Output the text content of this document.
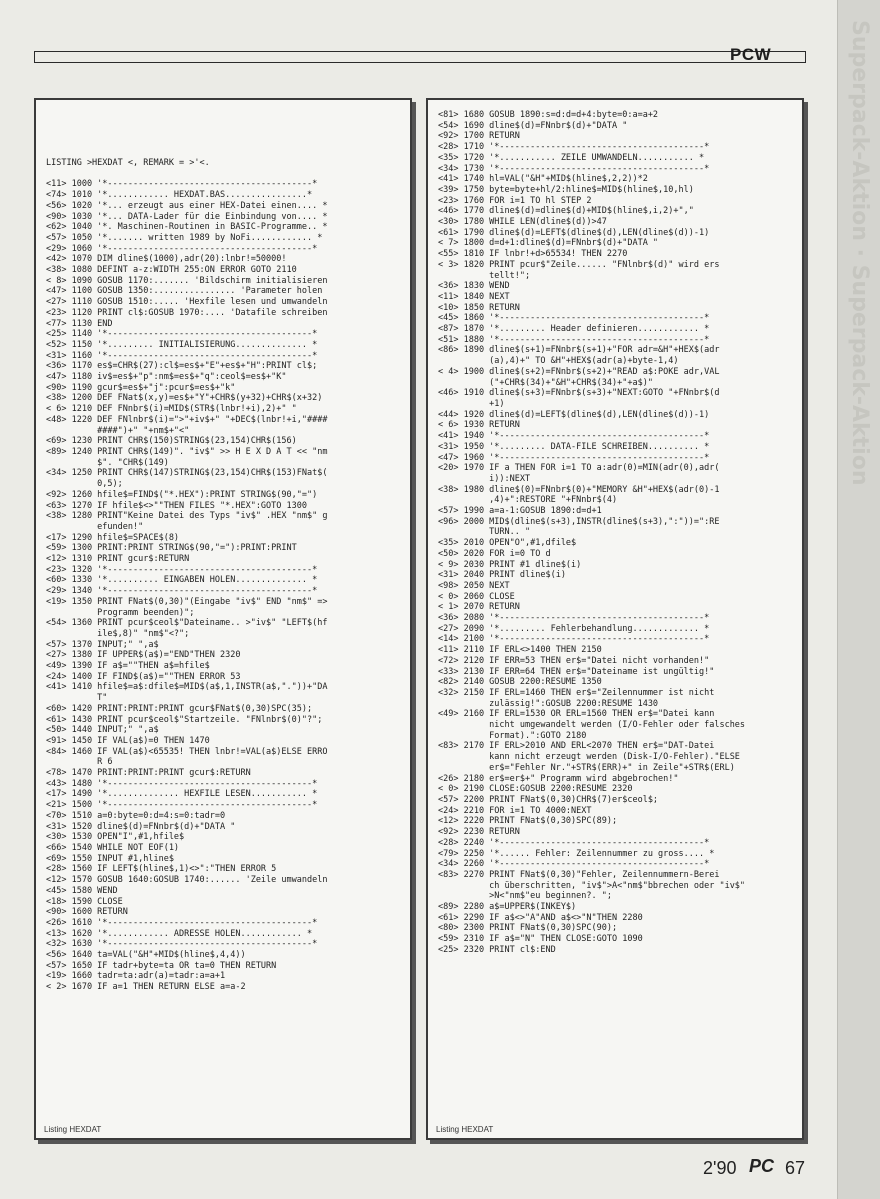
Superpack-Aktion · Superpack-Aktion
PCW
LISTING >HEXDAT <, REMARK = >'<.

<11> 1000 '*----------------------------------------*
<74> 1010 '*............ HEXDAT.BAS................*
<56> 1020 '*... erzeugt aus einer HEX-Datei einen.... *
<90> 1030 '*... DATA-Lader für die Einbindung von.... *
<62> 1040 '*. Maschinen-Routinen in BASIC-Programme.. *
<57> 1050 '*....... written 1989 by NoFi............ *
<29> 1060 '*----------------------------------------*
<42> 1070 DIM dline$(1000),adr(20):lnbr!=50000!
<38> 1080 DEFINT a-z:WIDTH 255:ON ERROR GOTO 2110
< 8> 1090 GOSUB 1170:....... 'Bildschirm initialisieren
<47> 1100 GOSUB 1350:................ 'Parameter holen
<27> 1110 GOSUB 1510:..... 'Hexfile lesen und umwandeln
<23> 1120 PRINT cl$:GOSUB 1970:.... 'Datafile schreiben
<77> 1130 END
<25> 1140 '*----------------------------------------*
<52> 1150 '*......... INITIALISIERUNG.............. *
<31> 1160 '*----------------------------------------*
<36> 1170 es$=CHR$(27):cl$=es$+"E"+es$+"H":PRINT cl$;
<47> 1180 iv$=es$+"p":nm$=es$+"q":ceol$=es$+"K"
<90> 1190 gcur$=es$+"j":pcur$=es$+"k"
<38> 1200 DEF FNat$(x,y)=es$+"Y"+CHR$(y+32)+CHR$(x+32)
< 6> 1210 DEF FNnbr$(i)=MID$(STR$(lnbr!+i),2)+" "
<48> 1220 DEF FNlnbr$(i)=">"+iv$+" "+DEC$(lnbr!+i,"####
####")+" "+nm$+"<"
<69> 1230 PRINT CHR$(150)STRING$(23,154)CHR$(156)
<89> 1240 PRINT CHR$(149)". "iv$" >> H E X D A T << "nm
$". "CHR$(149)
<34> 1250 PRINT CHR$(147)STRING$(23,154)CHR$(153)FNat$(
0,5);
<92> 1260 hfile$=FIND$("*.HEX"):PRINT STRING$(90,"=")
<63> 1270 IF hfile$<>""THEN FILES "*.HEX":GOTO 1300
<38> 1280 PRINT"Keine Datei des Typs "iv$" .HEX "nm$" g
efunden!"
<17> 1290 hfile$=SPACE$(8)
<59> 1300 PRINT:PRINT STRING$(90,"="):PRINT:PRINT
<12> 1310 PRINT gcur$:RETURN
<23> 1320 '*----------------------------------------*
<60> 1330 '*.......... EINGABEN HOLEN.............. *
<29> 1340 '*----------------------------------------*
<19> 1350 PRINT FNat$(0,30)"(Eingabe "iv$" END "nm$" =>
Programm beenden)";
<54> 1360 PRINT pcur$ceol$"Dateiname.. >"iv$" "LEFT$(hf
ile$,8)" "nm$"<?";
<57> 1370 INPUT;" ",a$
<27> 1380 IF UPPER$(a$)="END"THEN 2320
<49> 1390 IF a$=""THEN a$=hfile$
<24> 1400 IF FIND$(a$)=""THEN ERROR 53
<41> 1410 hfile$=a$:dfile$=MID$(a$,1,INSTR(a$,"."))+"DA
T"
<60> 1420 PRINT:PRINT:PRINT gcur$FNat$(0,30)SPC(35);
<61> 1430 PRINT pcur$ceol$"Startzeile. "FNlnbr$(0)"?";
<50> 1440 INPUT;" ",a$
<91> 1450 IF VAL(a$)=0 THEN 1470
<84> 1460 IF VAL(a$)<65535! THEN lnbr!=VAL(a$)ELSE ERRO
R 6
<78> 1470 PRINT:PRINT:PRINT gcur$:RETURN
<43> 1480 '*----------------------------------------*
<17> 1490 '*.............. HEXFILE LESEN........... *
<21> 1500 '*----------------------------------------*
<70> 1510 a=0:byte=0:d=4:s=0:tadr=0
<31> 1520 dline$(d)=FNnbr$(d)+"DATA "
<30> 1530 OPEN"I",#1,hfile$
<66> 1540 WHILE NOT EOF(1)
<69> 1550 INPUT #1,hline$
<28> 1560 IF LEFT$(hline$,1)<>":"THEN ERROR 5
<12> 1570 GOSUB 1640:GOSUB 1740:...... 'Zeile umwandeln
<45> 1580 WEND
<18> 1590 CLOSE
<90> 1600 RETURN
<26> 1610 '*----------------------------------------*
<13> 1620 '*............ ADRESSE HOLEN............ *
<32> 1630 '*----------------------------------------*
<56> 1640 ta=VAL("&H"+MID$(hline$,4,4))
<57> 1650 IF tadr+byte=ta OR ta=0 THEN RETURN
<19> 1660 tadr=ta:adr(a)=tadr:a=a+1
< 2> 1670 IF a=1 THEN RETURN ELSE a=a-2

Listing HEXDAT
<81> 1680 GOSUB 1890:s=d:d=d+4:byte=0:a=a+2
<54> 1690 dline$(d)=FNnbr$(d)+"DATA "
<92> 1700 RETURN
<28> 1710 '*----------------------------------------*
<35> 1720 '*........... ZEILE UMWANDELN........... *
<34> 1730 '*----------------------------------------*
<41> 1740 hl=VAL("&H"+MID$(hline$,2,2))*2
<39> 1750 byte=byte+hl/2:hline$=MID$(hline$,10,hl)
<23> 1760 FOR i=1 TO hl STEP 2
<46> 1770 dline$(d)=dline$(d)+MID$(hline$,i,2)+","
<30> 1780 WHILE LEN(dline$(d))>47
<61> 1790 dline$(d)=LEFT$(dline$(d),LEN(dline$(d))-1)
< 7> 1800 d=d+1:dline$(d)=FNnbr$(d)+"DATA "
<55> 1810 IF lnbr!+d>65534! THEN 2270
< 3> 1820 PRINT pcur$"Zeile...... "FNlnbr$(d)" wird ers
tellt!";
<36> 1830 WEND
<11> 1840 NEXT
<10> 1850 RETURN
<45> 1860 '*----------------------------------------*
<87> 1870 '*......... Header definieren............ *
<51> 1880 '*----------------------------------------*
<86> 1890 dline$(s+1)=FNnbr$(s+1)+"FOR adr=&H"+HEX$(adr
(a),4)+" TO &H"+HEX$(adr(a)+byte-1,4)
< 4> 1900 dline$(s+2)=FNnbr$(s+2)+"READ a$:POKE adr,VAL
("+CHR$(34)+"&H"+CHR$(34)+"+a$)"
<46> 1910 dline$(s+3)=FNnbr$(s+3)+"NEXT:GOTO "+FNnbr$(d
+1)
<44> 1920 dline$(d)=LEFT$(dline$(d),LEN(dline$(d))-1)
< 6> 1930 RETURN
<41> 1940 '*----------------------------------------*
<31> 1950 '*......... DATA-FILE SCHREIBEN.......... *
<47> 1960 '*----------------------------------------*
<20> 1970 IF a THEN FOR i=1 TO a:adr(0)=MIN(adr(0),adr(
i)):NEXT
<38> 1980 dline$(0)=FNnbr$(0)+"MEMORY &H"+HEX$(adr(0)-1
,4)+":RESTORE "+FNnbr$(4)
<57> 1990 a=a-1:GOSUB 1890:d=d+1
<96> 2000 MID$(dline$(s+3),INSTR(dline$(s+3),":"))=":RE
TURN.. "
<35> 2010 OPEN"O",#1,dfile$
<50> 2020 FOR i=0 TO d
< 9> 2030 PRINT #1 dline$(i)
<31> 2040 PRINT dline$(i)
<98> 2050 NEXT
< 0> 2060 CLOSE
< 1> 2070 RETURN
<36> 2080 '*----------------------------------------*
<27> 2090 '*......... Fehlerbehandlung............. *
<14> 2100 '*----------------------------------------*
<11> 2110 IF ERL<>1400 THEN 2150
<72> 2120 IF ERR=53 THEN er$="Datei nicht vorhanden!"
<33> 2130 IF ERR=64 THEN er$="Dateiname ist ungültig!"
<82> 2140 GOSUB 2200:RESUME 1350
<32> 2150 IF ERL=1460 THEN er$="Zeilennummer ist nicht
zulässig!":GOSUB 2200:RESUME 1430
<49> 2160 IF ERL=1530 OR ERL=1560 THEN er$="Datei kann
nicht umgewandelt werden (I/O-Fehler oder falsches
Format).":GOTO 2180
<83> 2170 IF ERL>2010 AND ERL<2070 THEN er$="DAT-Datei
kann nicht erzeugt werden (Disk-I/O-Fehler)."ELSE
er$="Fehler Nr."+STR$(ERR)+" in Zeile"+STR$(ERL)
<26> 2180 er$=er$+" Programm wird abgebrochen!"
< 0> 2190 CLOSE:GOSUB 2200:RESUME 2320
<57> 2200 PRINT FNat$(0,30)CHR$(7)er$ceol$;
<24> 2210 FOR i=1 TO 4000:NEXT
<12> 2220 PRINT FNat$(0,30)SPC(89);
<92> 2230 RETURN
<28> 2240 '*----------------------------------------*
<79> 2250 '*...... Fehler: Zeilennummer zu gross.... *
<34> 2260 '*----------------------------------------*
<83> 2270 PRINT FNat$(0,30)"Fehler, Zeilennummern-Berei
ch überschritten, "iv$">A<"nm$"bbrechen oder "iv$"
>N<"nm$"eu beginnen?. ";
<89> 2280 a$=UPPER$(INKEY$)
<61> 2290 IF a$<>"A"AND a$<>"N"THEN 2280
<80> 2300 PRINT FNat$(0,30)SPC(90);
<59> 2310 IF a$="N" THEN CLOSE:GOTO 1090
<25> 2320 PRINT cl$:END

Listing HEXDAT
2'90 PC 67
